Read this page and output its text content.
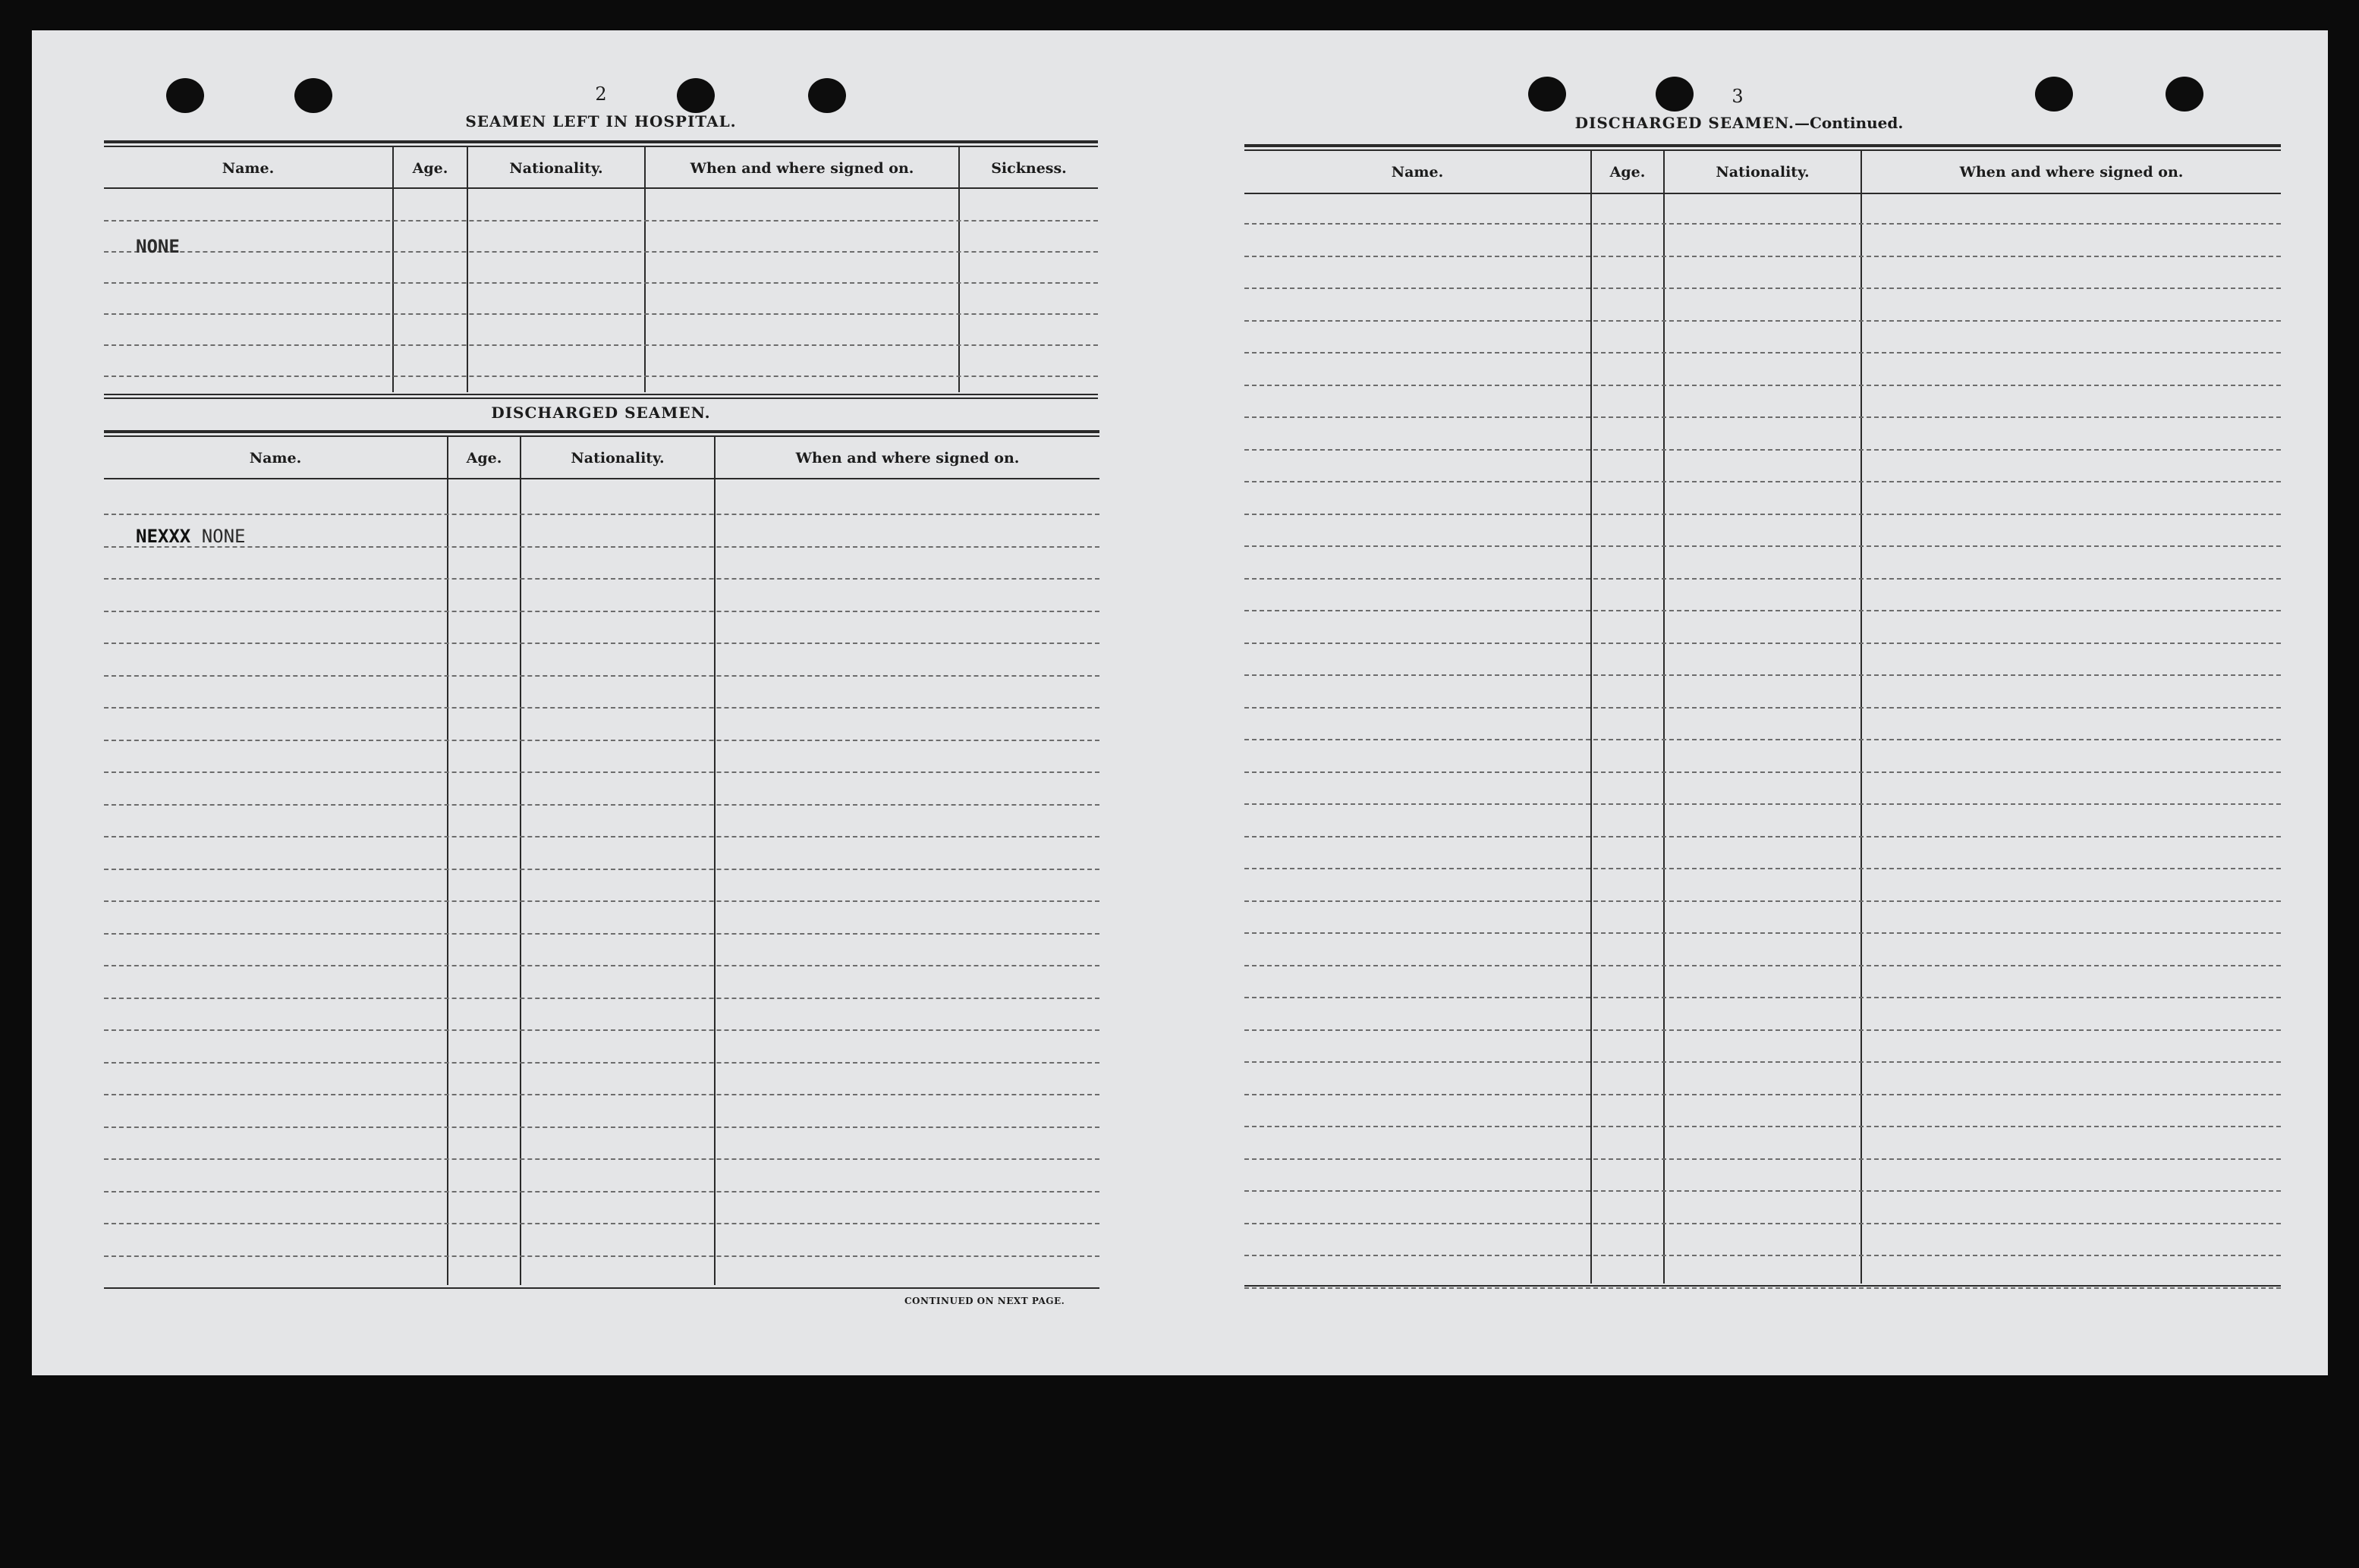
2
SEAMEN LEFT IN HOSPITAL.
Name.	Age.	Nationality.	When and where signed on.	Sickness.
NONE
DISCHARGED SEAMEN.
Name.	Age.	Nationality.	When and where signed on.
NEXXX NONE
CONTINUED ON NEXT PAGE.
3
DISCHARGED SEAMEN.—Continued.
Name.	Age.	Nationality.	When and where signed on.
